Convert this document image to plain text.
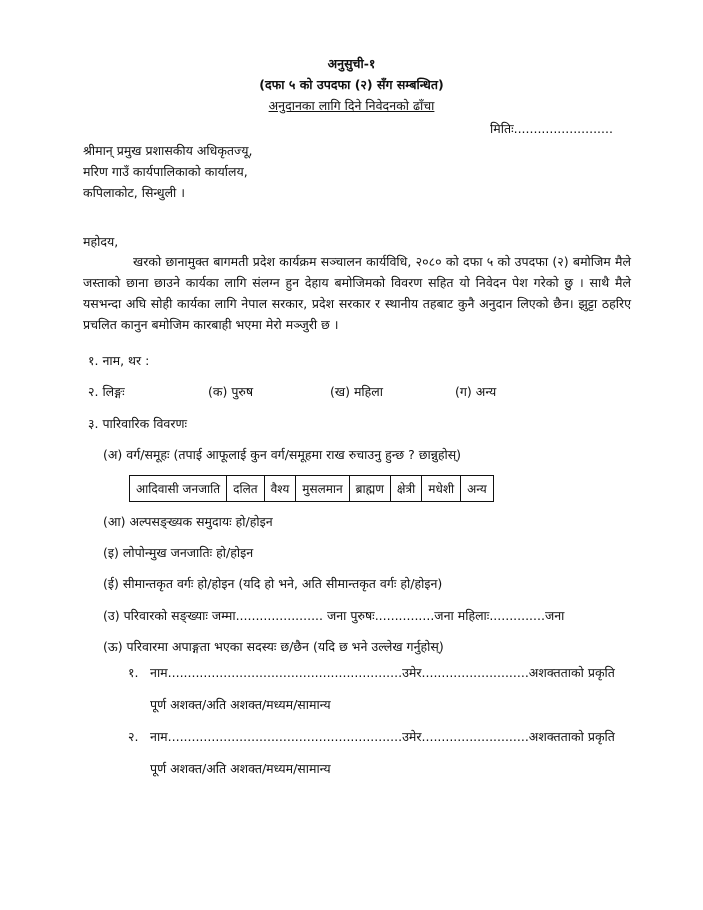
अनुसुची-१
(दफा ५ को उपदफा (२) सँग सम्बन्धित)
अनुदानका लागि दिने निवेदनको ढाँचा
मितिः.........................
श्रीमान् प्रमुख प्रशासकीय अधिकृतज्यू,
मरिण गाउँ कार्यपालिकाको कार्यालय,
कपिलाकोट, सिन्धुली ।
महोदय,
खरको छानामुक्त बागमती प्रदेश कार्यक्रम सञ्चालन कार्यविधि, २०८० को दफा ५ को उपदफा (२) बमोजिम मैले जस्ताको छाना छाउने कार्यका लागि संलग्न हुन देहाय बमोजिमको विवरण सहित यो निवेदन पेश गरेको छु । साथै मैले यसभन्दा अघि सोही कार्यका लागि नेपाल सरकार, प्रदेश सरकार र स्थानीय तहबाट कुनै अनुदान लिएको छैन। झुट्टा ठहरिए प्रचलित कानुन बमोजिम कारबाही भएमा मेरो मञ्जुरी छ ।
१. नाम, थर :
२. लिङ्गः	(क) पुरुष	(ख) महिला	(ग) अन्य
३. पारिवारिक विवरणः
(अ) वर्ग/समूहः (तपाई आफूलाई कुन वर्ग/समूहमा राख रुचाउनु हुन्छ ? छान्नुहोस्)
आदिवासी जनजाति	दलित	वैश्य	मुसलमान	ब्राह्मण	क्षेत्री	मधेशी	अन्य
(आ) अल्पसङ्ख्यक समुदायः हो/होइन
(इ) लोपोन्मुख जनजातिः हो/होइन
(ई) सीमान्तकृत वर्गः हो/होइन (यदि हो भने, अति सीमान्तकृत वर्गः हो/होइन)
(उ) परिवारको सङ्ख्याः जम्मा...................... जना पुरुषः...............जना महिलाः..............जना
(ऊ) परिवारमा अपाङ्गता भएका सदस्यः छ/छैन (यदि छ भने उल्लेख गर्नुहोस्)
१. नाम...........................................................उमेर...........................अशक्तताको प्रकृति
पूर्ण अशक्त/अति अशक्त/मध्यम/सामान्य
२. नाम...........................................................उमेर...........................अशक्तताको प्रकृति
पूर्ण अशक्त/अति अशक्त/मध्यम/सामान्य
